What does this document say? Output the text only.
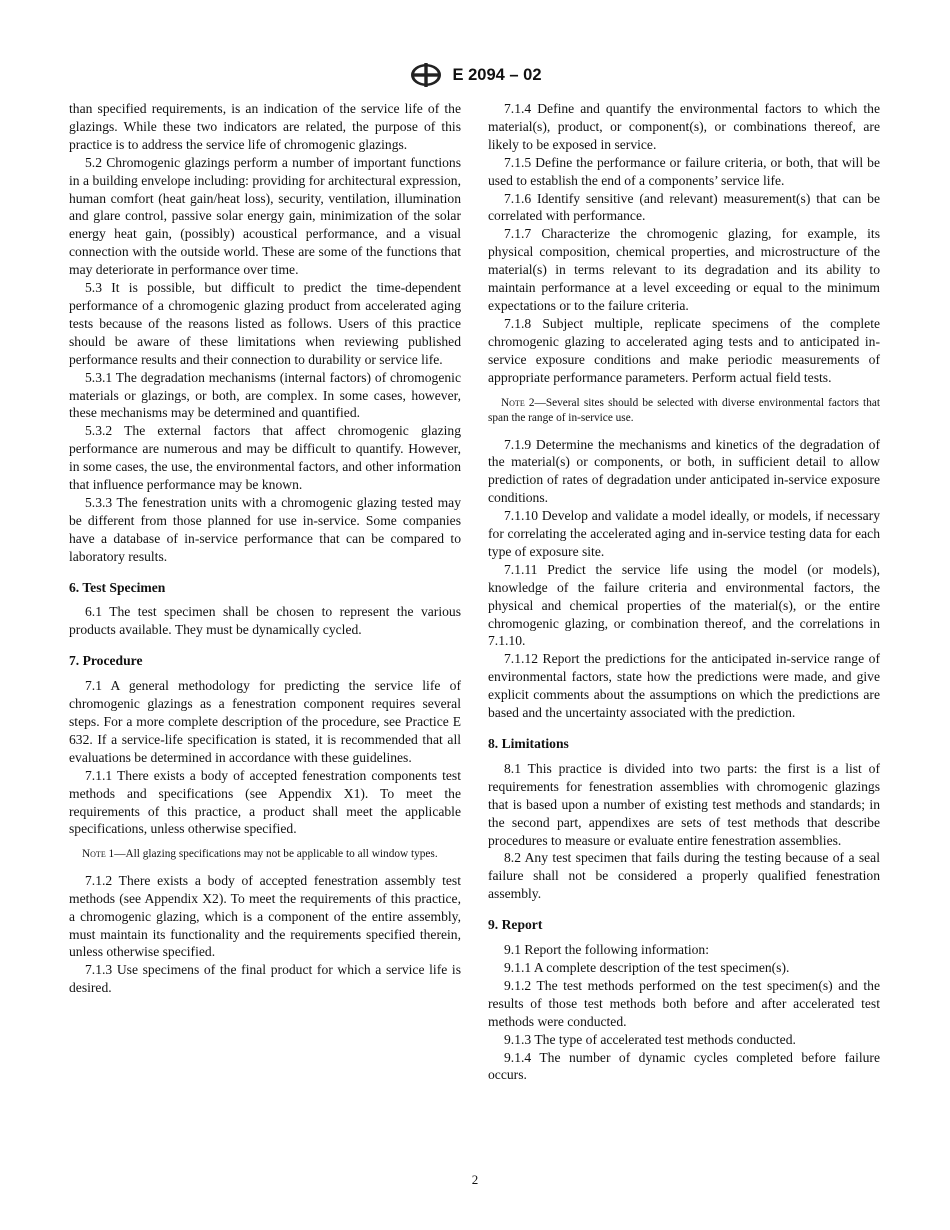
E 2094 – 02

than specified requirements, is an indication of the service life of the glazings. While these two indicators are related, the purpose of this practice is to address the service life of chromogenic glazings.

5.2 Chromogenic glazings perform a number of important functions in a building envelope including: providing for architectural expression, human comfort (heat gain/heat loss), security, ventilation, illumination and glare control, passive solar energy gain, minimization of the solar energy heat gain, (possibly) acoustical performance, and a visual connection with the outside world. These are some of the functions that may deteriorate in performance over time.

5.3 It is possible, but difficult to predict the time-dependent performance of a chromogenic glazing product from accelerated aging tests because of the reasons listed as follows. Users of this practice should be aware of these limitations when reviewing published performance results and their connection to durability or service life.

5.3.1 The degradation mechanisms (internal factors) of chromogenic materials or glazings, or both, are complex. In some cases, however, these mechanisms may be determined and quantified.

5.3.2 The external factors that affect chromogenic glazing performance are numerous and may be difficult to quantify. However, in some cases, the use, the environmental factors, and other information that influence performance may be known.

5.3.3 The fenestration units with a chromogenic glazing tested may be different from those planned for use in-service. Some companies have a database of in-service performance that can be compared to laboratory results.

6. Test Specimen

6.1 The test specimen shall be chosen to represent the various products available. They must be dynamically cycled.

7. Procedure

7.1 A general methodology for predicting the service life of chromogenic glazings as a fenestration component requires several steps. For a more complete description of the procedure, see Practice E 632. If a service-life specification is stated, it is recommended that all evaluations be determined in accordance with these guidelines.

7.1.1 There exists a body of accepted fenestration components test methods and specifications (see Appendix X1). To meet the requirements of this practice, a product shall meet the applicable specifications, unless otherwise specified.

Note 1—All glazing specifications may not be applicable to all window types.

7.1.2 There exists a body of accepted fenestration assembly test methods (see Appendix X2). To meet the requirements of this practice, a chromogenic glazing, which is a component of the entire assembly, must maintain its functionality and the requirements specified therein, unless otherwise specified.

7.1.3 Use specimens of the final product for which a service life is desired.

7.1.4 Define and quantify the environmental factors to which the material(s), product, or component(s), or combinations thereof, are likely to be exposed in service.

7.1.5 Define the performance or failure criteria, or both, that will be used to establish the end of a components’ service life.

7.1.6 Identify sensitive (and relevant) measurement(s) that can be correlated with performance.

7.1.7 Characterize the chromogenic glazing, for example, its physical composition, chemical properties, and microstructure of the material(s) in terms relevant to its degradation and its ability to maintain performance at a level exceeding or equal to the minimum expectations or to the failure criteria.

7.1.8 Subject multiple, replicate specimens of the complete chromogenic glazing to accelerated aging tests and to anticipated in-service exposure conditions and make periodic measurements of appropriate performance parameters. Perform actual field tests.

Note 2—Several sites should be selected with diverse environmental factors that span the range of in-service use.

7.1.9 Determine the mechanisms and kinetics of the degradation of the material(s) or components, or both, in sufficient detail to allow prediction of rates of degradation under anticipated in-service exposure conditions.

7.1.10 Develop and validate a model ideally, or models, if necessary for correlating the accelerated aging and in-service testing data for each type of exposure site.

7.1.11 Predict the service life using the model (or models), knowledge of the failure criteria and environmental factors, the physical and chemical properties of the material(s), or the entire chromogenic glazing, or combination thereof, and the correlations in 7.1.10.

7.1.12 Report the predictions for the anticipated in-service range of environmental factors, state how the predictions were made, and give explicit comments about the assumptions on which the predictions are based and the uncertainty associated with the prediction.

8. Limitations

8.1 This practice is divided into two parts: the first is a list of requirements for fenestration assemblies with chromogenic glazings that is based upon a number of existing test methods and standards; in the second part, appendixes are sets of test methods that describe procedures to measure or evaluate entire fenestration assemblies.

8.2 Any test specimen that fails during the testing because of a seal failure shall not be considered a properly qualified fenestration assembly.

9. Report

9.1 Report the following information:

9.1.1 A complete description of the test specimen(s).

9.1.2 The test methods performed on the test specimen(s) and the results of those test methods both before and after accelerated test methods were conducted.

9.1.3 The type of accelerated test methods conducted.

9.1.4 The number of dynamic cycles completed before failure occurs.

2
